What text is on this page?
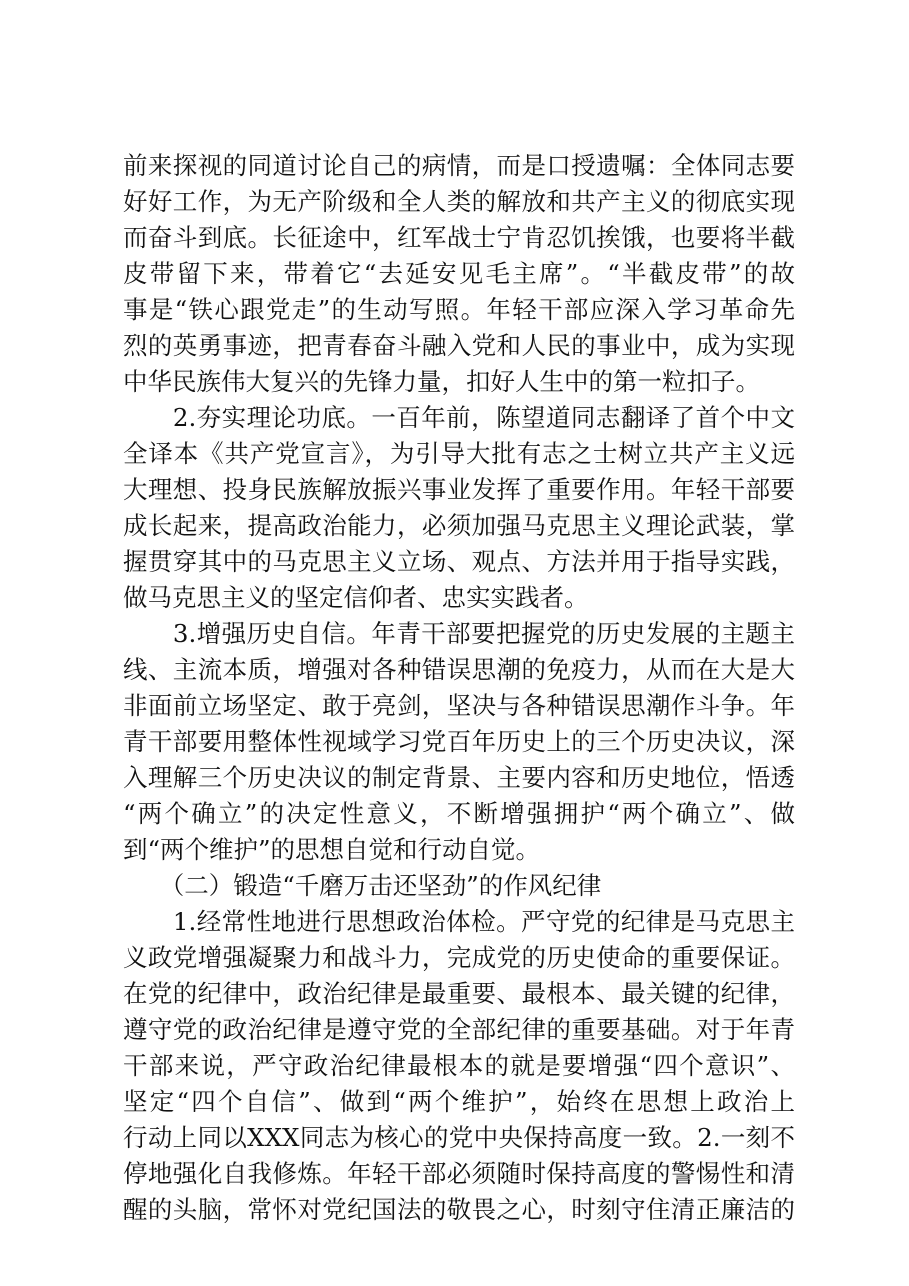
前来探视的同道讨论自己的病情，而是口授遗嘱：全体同志要
好好工作，为无产阶级和全人类的解放和共产主义的彻底实现
而奋斗到底。长征途中，红军战士宁肯忍饥挨饿，也要将半截
皮带留下来，带着它“去延安见毛主席”。“半截皮带”的故
事是“铁心跟党走”的生动写照。年轻干部应深入学习革命先
烈的英勇事迹，把青春奋斗融入党和人民的事业中，成为实现
中华民族伟大复兴的先锋力量，扣好人生中的第一粒扣子。
　　2.夯实理论功底。一百年前，陈望道同志翻译了首个中文
全译本《共产党宣言》，为引导大批有志之士树立共产主义远
大理想、投身民族解放振兴事业发挥了重要作用。年轻干部要
成长起来，提高政治能力，必须加强马克思主义理论武装，掌
握贯穿其中的马克思主义立场、观点、方法并用于指导实践，
做马克思主义的坚定信仰者、忠实实践者。
　　3.增强历史自信。年青干部要把握党的历史发展的主题主
线、主流本质，增强对各种错误思潮的免疫力，从而在大是大
非面前立场坚定、敢于亮剑，坚决与各种错误思潮作斗争。年
青干部要用整体性视域学习党百年历史上的三个历史决议，深
入理解三个历史决议的制定背景、主要内容和历史地位，悟透
“两个确立”的决定性意义，不断增强拥护“两个确立”、做
到“两个维护”的思想自觉和行动自觉。
　　（二）锻造“千磨万击还坚劲”的作风纪律
　　1.经常性地进行思想政治体检。严守党的纪律是马克思主
义政党增强凝聚力和战斗力，完成党的历史使命的重要保证。
在党的纪律中，政治纪律是最重要、最根本、最关键的纪律，
遵守党的政治纪律是遵守党的全部纪律的重要基础。对于年青
干部来说，严守政治纪律最根本的就是要增强“四个意识”、
坚定“四个自信”、做到“两个维护”，始终在思想上政治上
行动上同以XXX同志为核心的党中央保持高度一致。2.一刻不
停地强化自我修炼。年轻干部必须随时保持高度的警惕性和清
醒的头脑，常怀对党纪国法的敬畏之心，时刻守住清正廉洁的
